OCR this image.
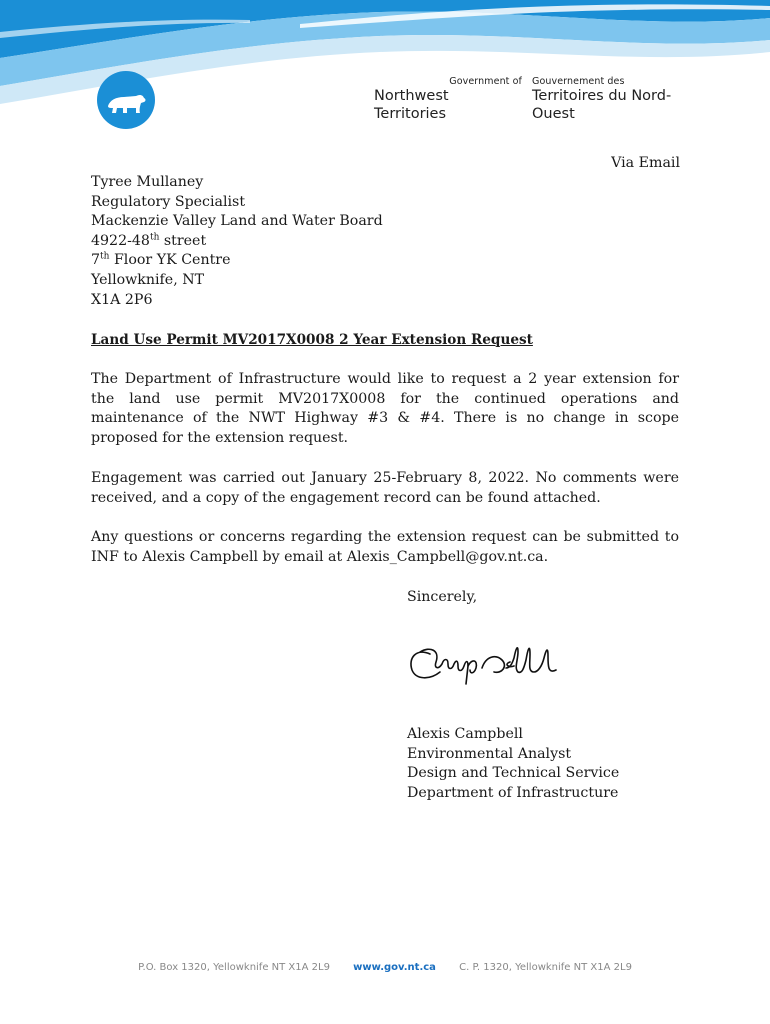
Government of
Northwest Territories
Gouvernement des
Territoires du Nord-Ouest
Via Email
Tyree Mullaney
Regulatory Specialist
Mackenzie Valley Land and Water Board
4922-48th street
7th Floor YK Centre
Yellowknife, NT
X1A 2P6
Land Use Permit MV2017X0008 2 Year Extension Request
The Department of Infrastructure would like to request a 2 year extension for the land use permit MV2017X0008 for the continued operations and maintenance of the NWT Highway #3 & #4. There is no change in scope proposed for the extension request.
Engagement was carried out January 25-February 8, 2022. No comments were received, and a copy of the engagement record can be found attached.
Any questions or concerns regarding the extension request can be submitted to INF to Alexis Campbell by email at Alexis_Campbell@gov.nt.ca.
Sincerely,
Alexis Campbell
Environmental Analyst
Design and Technical Service
Department of Infrastructure
P.O. Box 1320, Yellowknife NT X1A 2L9 www.gov.nt.ca C. P. 1320, Yellowknife NT X1A 2L9
